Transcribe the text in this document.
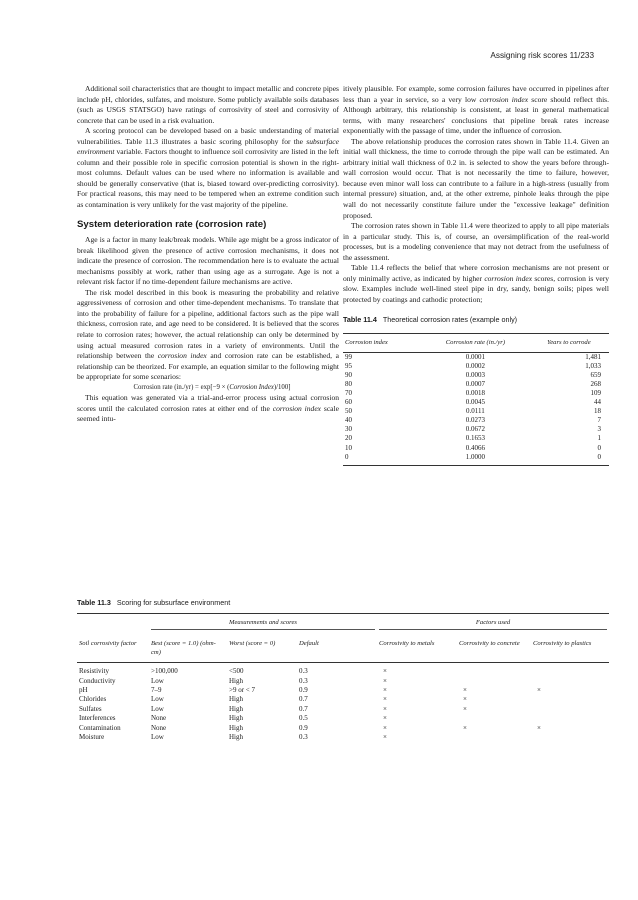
Assigning risk scores 11/233

Additional soil characteristics that are thought to impact metallic and concrete pipes include pH, chlorides, sulfates, and moisture. Some publicly available soils databases (such as USGS STATSGO) have ratings of corrosivity of steel and corrosivity of concrete that can be used in a risk evaluation.

A scoring protocol can be developed based on a basic understanding of material vulnerabilities. Table 11.3 illustrates a basic scoring philosophy for the subsurface environment variable. Factors thought to influence soil corrosivity are listed in the left column and their possible role in specific corrosion potential is shown in the right-most columns. Default values can be used where no information is available and should be generally conservative (that is, biased toward over-predicting corrosivity). For practical reasons, this may need to be tempered when an extreme condition such as contamination is very unlikely for the vast majority of the pipeline.

System deterioration rate (corrosion rate)

Age is a factor in many leak/break models. While age might be a gross indicator of break likelihood given the presence of active corrosion mechanisms, it does not indicate the presence of corrosion. The recommendation here is to evaluate the actual mechanisms possibly at work, rather than using age as a surrogate. Age is not a relevant risk factor if no time-dependent failure mechanisms are active.

The risk model described in this book is measuring the probability and relative aggressiveness of corrosion and other time-dependent mechanisms. To translate that into the probability of failure for a pipeline, additional factors such as the pipe wall thickness, corrosion rate, and age need to be considered. It is believed that the scores relate to corrosion rates; however, the actual relationship can only be determined by using actual measured corrosion rates in a variety of environments. Until the relationship between the corrosion index and corrosion rate can be established, a relationship can be theorized. For example, an equation similar to the following might be appropriate for some scenarios:

Corrosion rate (in./yr) = exp[−9 × (Corrosion Index)/100]

This equation was generated via a trial-and-error process using actual corrosion scores until the calculated corrosion rates at either end of the corrosion index scale seemed intu-

itively plausible. For example, some corrosion failures have occurred in pipelines after less than a year in service, so a very low corrosion index score should reflect this. Although arbitrary, this relationship is consistent, at least in general mathematical terms, with many researchers' conclusions that pipeline break rates increase exponentially with the passage of time, under the influence of corrosion.

The above relationship produces the corrosion rates shown in Table 11.4. Given an initial wall thickness, the time to corrode through the pipe wall can be estimated. An arbitrary initial wall thickness of 0.2 in. is selected to show the years before through-wall corrosion would occur. That is not necessarily the time to failure, however, because even minor wall loss can contribute to a failure in a high-stress (usually from internal pressure) situation, and, at the other extreme, pinhole leaks through the pipe wall do not necessarily constitute failure under the "excessive leakage" definition proposed.

The corrosion rates shown in Table 11.4 were theorized to apply to all pipe materials in a particular study. This is, of course, an oversimplification of the real-world processes, but is a modeling convenience that may not detract from the usefulness of the assessment.

Table 11.4 reflects the belief that where corrosion mechanisms are not present or only minimally active, as indicated by higher corrosion index scores, corrosion is very slow. Examples include well-lined steel pipe in dry, sandy, benign soils; pipes well protected by coatings and cathodic protection;

Table 11.4 Theoretical corrosion rates (example only)
Corrosion index	Corrosion rate (in./yr)	Years to corrode
99	0.0001	1,481
95	0.0002	1,033
90	0.0003	659
80	0.0007	268
70	0.0018	109
60	0.0045	44
50	0.0111	18
40	0.0273	7
30	0.0672	3
20	0.1653	1
10	0.4066	0
0	1.0000	0
Table 11.3 Scoring for subsurface environment

	Measurements and scores			Factors used		

Soil corrosivity factor	Best (score = 1.0) (ohm-cm)	Worst (score = 0)	Default	Corrosivity to metals	Corrosivity to concrete	Corrosivity to plastics
Resistivity	>100,000	<500	0.3	×		
Conductivity	Low	High	0.3	×		
pH	7–9	>9 or < 7	0.9	×	×	×
Chlorides	Low	High	0.7	×	×	
Sulfates	Low	High	0.7	×	×	
Interferences	None	High	0.5	×		
Contamination	None	High	0.9	×	×	×
Moisture	Low	High	0.3	×		
